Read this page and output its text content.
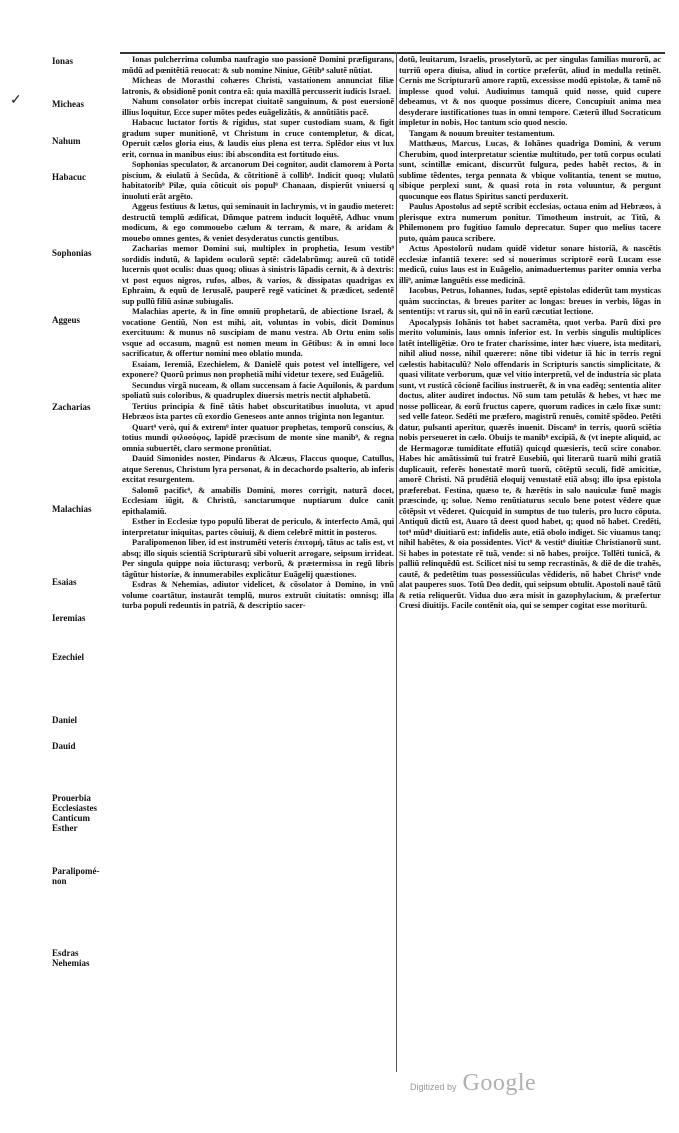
✓
Ionas
Micheas
Nahum
Habacuc
Sophonias
Aggeus
Zacharias
Malachias
Esaias
Ieremias
Ezechiel
Daniel
Dauid
Prouerbia
Ecclesiastes
Canticum
Esther
Paralipomé-
non
Esdras
Nehemias

Ionas pulcherrima columba naufragio suo passionẽ Domini præfigurans, mũdũ ad pœnitẽtiã reuocat: & sub nomine Niniue, Gẽtib⁹ salutẽ nũtiat.

Micheas de Morasthi cohæres Christi, vastationem annunciat filiæ latronis, & obsidionẽ ponit contra eã: quia maxillã percusserit iudicis Israel.

Nahum consolator orbis increpat ciuitatẽ sanguinum, & post euersionẽ illius loquitur, Ecce super mõtes pedes euãgelizãtis, & annũtiãtis pacẽ.

Habacuc luctator fortis & rigidus, stat super custodiam suam, & figit gradum super munitionẽ, vt Christum in cruce contempletur, & dicat, Operuit cælos gloria eius, & laudis eius plena est terra. Splẽdor eius vt lux erit, cornua in manibus eius: ibi abscondita est fortitudo eius.

Sophonias speculator, & arcanorum Dei cognitor, audit clamorem à Porta piscium, & eiulatũ à Secũda, & cõtritionẽ à collib⁹. Indicit quoq; vlulatũ habitatorib⁹ Pilæ, quia cõticuit ois popul⁹ Chanaan, dispierũt vniuersi q inuoluti erãt argẽto.

Aggeus festiuus & lætus, qui seminauit in lachrymis, vt in gaudio meteret: destructũ templũ ædificat, Dñmque patrem inducit loquẽtẽ, Adhuc vnum modicum, & ego commouebo cælum & terram, & mare, & aridam & mouebo omnes gentes, & veniet desyderatus cunctis gentibus.

Zacharias memor Domini sui, multiplex in prophetia, Iesum vestib⁹ sordidis indutũ, & lapidem oculorũ septẽ: cãdelabrũmq; aureũ cũ totidẽ lucernis quot oculis: duas quoq; oliuas à sinistris lãpadis cernit, & à dextris: vt post equos nigros, rufos, albos, & varios, & dissipatas quadrigas ex Ephraim, & equũ de Ierusalẽ, pauperẽ regẽ vaticinet & prædicet, sedentẽ sup pullũ filiũ asinæ subiugalis.

Malachias aperte, & in fine omniũ prophetarũ, de abiectione Israel, & vocatione Gentiũ, Non est mihi, ait, voluntas in vobis, dicit Dominus exercituum: & munus nõ suscipiam de manu vestra. Ab Ortu enim solis vsque ad occasum, magnũ est nomen meum in Gẽtibus: & in omni loco sacrificatur, & offertur nomini meo oblatio munda.

Esaiam, Ieremiã, Ezechielem, & Danielẽ quis potest vel intelligere, vel exponere? Quorũ primus non prophetiã mihi videtur texere, sed Euãgeliũ.

Secundus virgã nuceam, & ollam succensam à facie Aquilonis, & pardum spoliatũ suis coloribus, & quadruplex diuersis metris nectit alphabetũ.

Tertius principia & finẽ tãtis habet obscuritatibus inuoluta, vt apud Hebræos ista partes cũ exordio Geneseos ante annos triginta non legantur.

Quart⁹ verò, qui & extrem⁹ inter quatuor prophetas, temporũ conscius, & totius mundi φιλοσόφος, lapidẽ præcisum de monte sine manib⁹, & regna omnia subuertẽt, claro sermone pronũtiat.

Dauid Simonides noster, Pindarus & Alcæus, Flaccus quoque, Catullus, atque Serenus, Christum lyra personat, & in decachordo psalterio, ab inferis excitat resurgentem.

Salomõ pacific⁹, & amabilis Domini, mores corrigit, naturã docet, Ecclesiam iũgit, & Christũ, sanctarumque nuptiarum dulce canit epithalamiũ.

Esther in Ecclesiæ typo populũ liberat de periculo, & interfecto Amã, qui interpretatur iniquitas, partes cõuiuij, & diem celebrẽ mittit in posteros.

Paralipomenon liber, id est instrumẽti veteris ἐπιτομή, tãtus ac talis est, vt absq; illo siquis scientiã Scripturarũ sibi voluerit arrogare, seipsum irrideat. Per singula quippe noia iũcturasq; verborũ, & prætermissa in regũ libris tãgũtur historiæ, & innumerabiles explicãtur Euãgelij quæstiones.

Esdras & Nehemias, adiutor videlicet, & cõsolator à Domino, in vnũ volume coartãtur, instaurãt templũ, muros extruũt ciuitatis: omnisq; illa turba populi redeuntis in patriã, & descriptio sacer-

dotũ, leuitarum, Israelis, proselytorũ, ac per singulas familias murorũ, ac turriũ opera diuisa, aliud in cortice præferũt, aliud in medulla retinẽt. Cernis me Scripturarũ amore raptũ, excessisse modũ epistolæ, & tamẽ nõ implesse quod volui. Audiuimus tamquã quid nosse, quid cupere debeamus, vt & nos quoque possimus dicere, Concupiuit anima mea desyderare iustificationes tuas in omni tempore. Cæterũ illud Socraticum impletur in nobis, Hoc tantum scio quod nescio.

Tangam & nouum breuiter testamentum.

Matthæus, Marcus, Lucas, & Iohãnes quadriga Domini, & verum Cherubim, quod interpretatur scientiæ multitudo, per totũ corpus oculati sunt, scintillæ emicant, discurrũt fulgura, pedes habẽt rectos, & in sublime tẽdentes, terga pennata & vbique volitantia, tenent se mutuo, sibique perplexi sunt, & quasi rota in rota voluuntur, & pergunt quocunque eos flatus Spiritus sancti perduxerit.

Paulus Apostolus ad septẽ scribit ecclesias, octaua enim ad Hebræos, à plerisque extra numerum ponitur. Timotheum instruit, ac Titũ, & Philemonem pro fugitiuo famulo deprecatur. Super quo melius tacere puto, quàm pauca scribere.

Actus Apostolorũ nudam quidẽ videtur sonare historiã, & nascẽtis ecclesiæ infantiã texere: sed si nouerimus scriptorẽ eorũ Lucam esse medicũ, cuius laus est in Euãgelio, animaduertemus pariter omnia verba illi⁹, animæ languẽtis esse medicinã.

Iacobus, Petrus, Iohannes, Iudas, septẽ epistolas ediderũt tam mysticas quàm succinctas, & breues pariter ac longas: breues in verbis, lõgas in sententijs: vt rarus sit, qui nõ in earũ cæcutiat lectione.

Apocalypsis Iohãnis tot habet sacramẽta, quot verba. Parũ dixi pro merito voluminis, laus omnis inferior est. In verbis singulis multiplices latẽt intelligẽtiæ. Oro te frater charissime, inter hæc viuere, ista meditari, nihil aliud nosse, nihil quærere: nõne tibi videtur iã hic in terris regni cælestis habitaculũ? Nolo offendaris in Scripturis sanctis simplicitate, & quasi vilitate verborum, quæ vel vitio interpretũ, vel de industria sic plata sunt, vt rusticã cõcionẽ facilius instruerẽt, & in vna eadẽq; sententia aliter doctus, aliter audiret indoctus. Nõ sum tam petulãs & hebes, vt hæc me nosse pollicear, & eorũ fructus capere, quorum radices in cælo fixæ sunt: sed velle fateor. Sedẽti me præfero, magistrũ renuẽs, comitẽ spõdeo. Petẽti datur, pulsanti aperitur, quærẽs inuenit. Discam⁹ in terris, quorũ sciẽtia nobis perseueret in cælo. Obuijs te manib⁹ excipiã, & (vt inepte aliquid, ac de Hermagoræ tumiditate effutiã) quicqd quæsieris, tecũ scire conabor. Habes hic amãtissimũ tui fratrẽ Eusebiũ, qui literarũ tuarũ mihi gratiã duplicauit, referẽs honestatẽ morũ tuorũ, cõtẽptũ seculi, fidẽ amicitiæ, amorẽ Christi. Nã prudẽtiã eloquij venustatẽ etiã absq; illo ipsa epistola præferebat. Festina, quæso te, & hærẽtis in salo nauiculæ funẽ magis præscinde, q; solue. Nemo renũtiaturus seculo bene potest vẽdere quæ cõtẽpsit vt vẽderet. Quicquid in sumptus de tuo tuleris, pro lucro cõputa. Antiquũ dictũ est, Auaro tã deest quod habet, q; quod nõ habet. Credẽti, tot⁹ mũd⁹ diuitiarũ est: infidelis aute, etiã obolo indiget. Sic viuamus tanq; nihil habẽtes, & oia possidentes. Vict⁹ & vestit⁹ diuitiæ Christianorũ sunt. Si habes in potestate rẽ tuã, vende: si nõ habes, proijce. Tollẽti tunicã, & palliũ relinquẽdũ est. Scilicet nisi tu semp recrastinãs, & diẽ de die trahẽs, cautẽ, & pedetẽtim tuas possessiũculas vẽdideris, nõ habet Christ⁹ vnde alat pauperes suos. Totũ Deo dedit, qui seipsum obtulit. Apostoli nauẽ tãtũ & retia reliquerũt. Vidua duo æra misit in gazophylacium, & præfertur Crœsi diuitijs. Facile contẽnit oia, qui se semper cogitat esse moriturũ.

Digitized by Google
